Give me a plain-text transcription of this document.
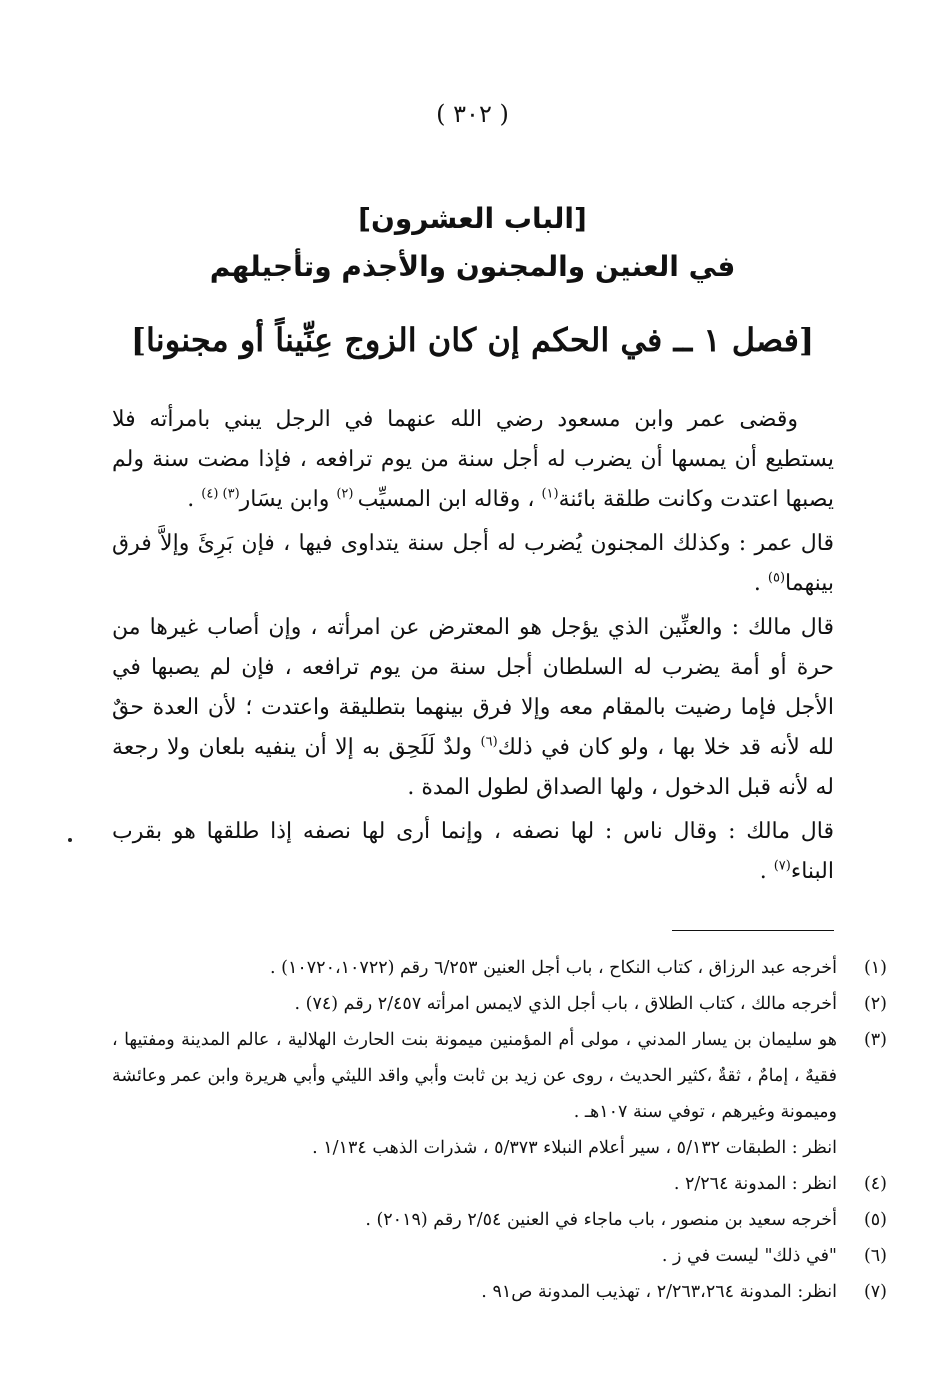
( ٣٠٢ )
[الباب العشرون]
في العنين والمجنون والأجذم وتأجيلهم
[فصل ١ ــ في الحكم إن كان الزوج عِنِّيناً أو مجنونا]

وقضى عمر وابن مسعود رضي الله عنهما في الرجل يبني بامرأته فلا يستطيع أن يمسها أن يضرب له أجل سنة من يوم ترافعه ، فإذا مضت سنة ولم يصبها اعتدت وكانت طلقة بائنة$^{(١)}$ ، وقاله ابن المسيِّب $^{(٢)}$ وابن يسَار$^{(٣) (٤)}$ .

قال عمر : وكذلك المجنون يُضرب له أجل سنة يتداوى فيها ، فإن بَرِئَ وإلاَّ فرق بينهما$^{(٥)}$ .

قال مالك : والعنِّين الذي يؤجل هو المعترض عن امرأته ، وإن أصاب غيرها من حرة أو أمة يضرب له السلطان أجل سنة من يوم ترافعه ، فإن لم يصبها في الأجل فإما رضيت بالمقام معه وإلا فرق بينهما بتطليقة واعتدت ؛ لأن العدة حقٌ لله لأنه قد خلا بها ، ولو كان في ذلك$^{(٦)}$ ولدٌ لَلَحِق به إلا أن ينفيه بلعان ولا رجعة له لأنه قبل الدخول ، ولها الصداق لطول المدة .

قال مالك : وقال ناس : لها نصفه ، وإنما أرى لها نصفه إذا طلقها هو بقرب البناء$^{(٧)}$ .

(١)
أخرجه عبد الرزاق ، كتاب النكاح ، باب أجل العنين ٦/٢٥٣ رقم (١٠٧٢٠،١٠٧٢٢) .
(٢)
أخرجه مالك ، كتاب الطلاق ، باب أجل الذي لايمس امرأته ٢/٤٥٧ رقم (٧٤) .
(٣)
هو سليمان بن يسار المدني ، مولى أم المؤمنين ميمونة بنت الحارث الهلالية ، عالم المدينة ومفتيها ، فقيهٌ ، إمامٌ ، ثقةٌ ،كثير الحديث ، روى عن زيد بن ثابت وأبي واقد الليثي وأبي هريرة وابن عمر وعائشة وميمونة وغيرهم ، توفي سنة ١٠٧هـ .
انظر : الطبقات ٥/١٣٢ ، سير أعلام النبلاء ٥/٣٧٣ ، شذرات الذهب ١/١٣٤ .
(٤)
انظر : المدونة ٢/٢٦٤ .
(٥)
أخرجه سعيد بن منصور ، باب ماجاء في العنين ٢/٥٤ رقم (٢٠١٩) .
(٦)
"في ذلك" ليست في ز .
(٧)
انظر: المدونة ٢/٢٦٣،٢٦٤ ، تهذيب المدونة ص٩١ .
